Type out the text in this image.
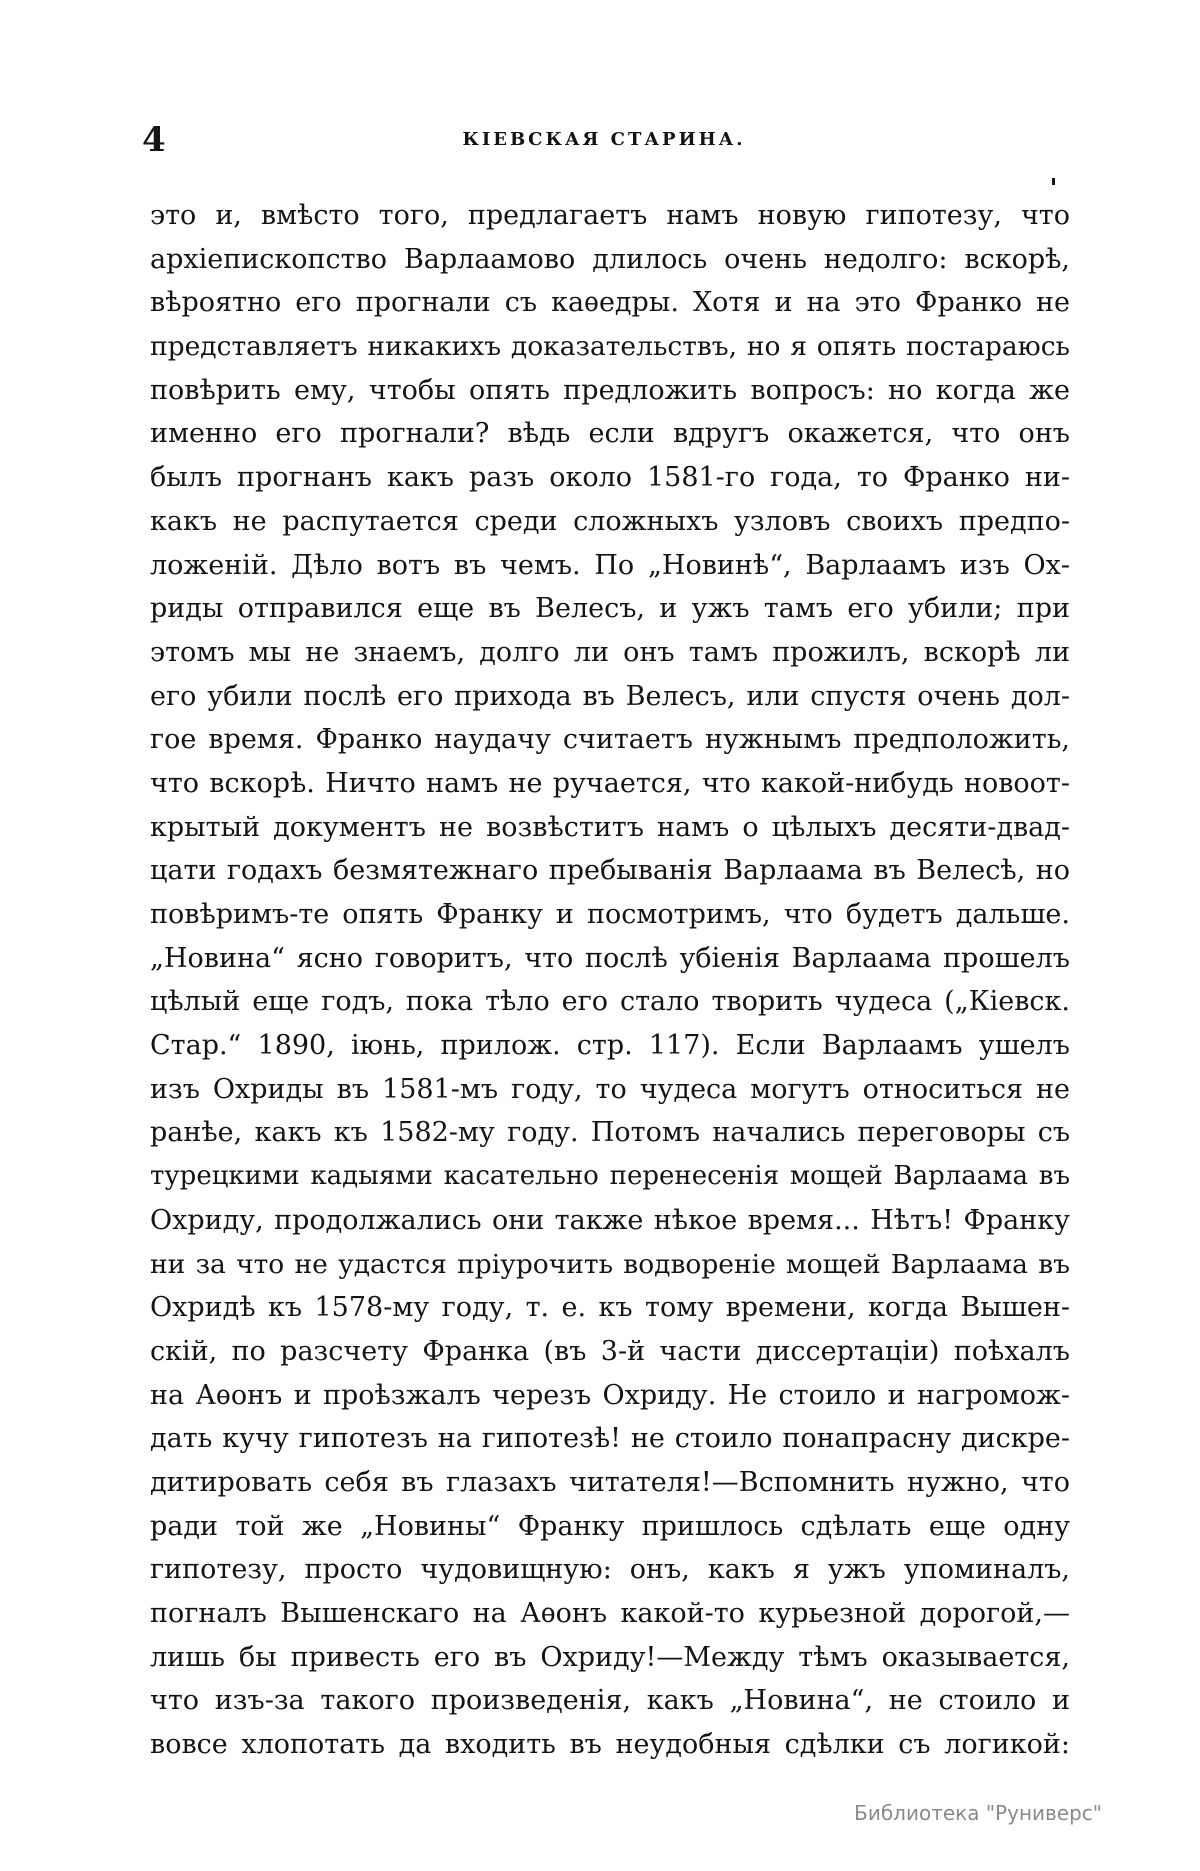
4	КІЕВСКАЯ СТАРИНА.
это и, вмѣсто того, предлагаетъ намъ новую гипотезу, что
архіепископство Варлаамово длилось очень недолго: вскорѣ,
вѣроятно его прогнали съ каѳедры. Хотя и на это Франко не
представляетъ никакихъ доказательствъ, но я опять постараюсь
повѣрить ему, чтобы опять предложить вопросъ: но когда же
именно его прогнали? вѣдь если вдругъ окажется, что онъ
былъ прогнанъ какъ разъ около 1581-го года, то Франко ни-
какъ не распутается среди сложныхъ узловъ своихъ предпо-
ложеній. Дѣло вотъ въ чемъ. По „Новинѣ“, Варлаамъ изъ Ох-
риды отправился еще въ Велесъ, и ужъ тамъ его убили; при
этомъ мы не знаемъ, долго ли онъ тамъ прожилъ, вскорѣ ли
его убили послѣ его прихода въ Велесъ, или спустя очень дол-
гое время. Франко наудачу считаетъ нужнымъ предположить,
что вскорѣ. Ничто намъ не ручается, что какой-нибудь новоот-
крытый документъ не возвѣститъ намъ о цѣлыхъ десяти-двад-
цати годахъ безмятежнаго пребыванія Варлаама въ Велесѣ, но
повѣримъ-те опять Франку и посмотримъ, что будетъ дальше.
„Новина“ ясно говоритъ, что послѣ убіенія Варлаама прошелъ
цѣлый еще годъ, пока тѣло его стало творить чудеса („Кіевск.
Стар.“ 1890, іюнь, прилож. стр. 117). Если Варлаамъ ушелъ
изъ Охриды въ 1581-мъ году, то чудеса могутъ относиться не
ранѣе, какъ къ 1582-му году. Потомъ начались переговоры съ
турецкими кадыями касательно перенесенія мощей Варлаама въ
Охриду, продолжались они также нѣкое время... Нѣтъ! Франку
ни за что не удастся пріурочить водвореніе мощей Варлаама въ
Охридѣ къ 1578-му году, т. е. къ тому времени, когда Вышен-
скій, по разсчету Франка (въ 3-й части диссертаціи) поѣхалъ
на Аѳонъ и проѣзжалъ черезъ Охриду. Не стоило и нагромож-
дать кучу гипотезъ на гипотезѣ! не стоило понапрасну дискре-
дитировать себя въ глазахъ читателя!—Вспомнить нужно, что
ради той же „Новины“ Франку пришлось сдѣлать еще одну
гипотезу, просто чудовищную: онъ, какъ я ужъ упоминалъ,
погналъ Вышенскаго на Аѳонъ какой-то курьезной дорогой,—
лишь бы привесть его въ Охриду!—Между тѣмъ оказывается,
что изъ-за такого произведенія, какъ „Новина“, не стоило и
вовсе хлопотать да входить въ неудобныя сдѣлки съ логикой:
Библиотека "Руниверс"
